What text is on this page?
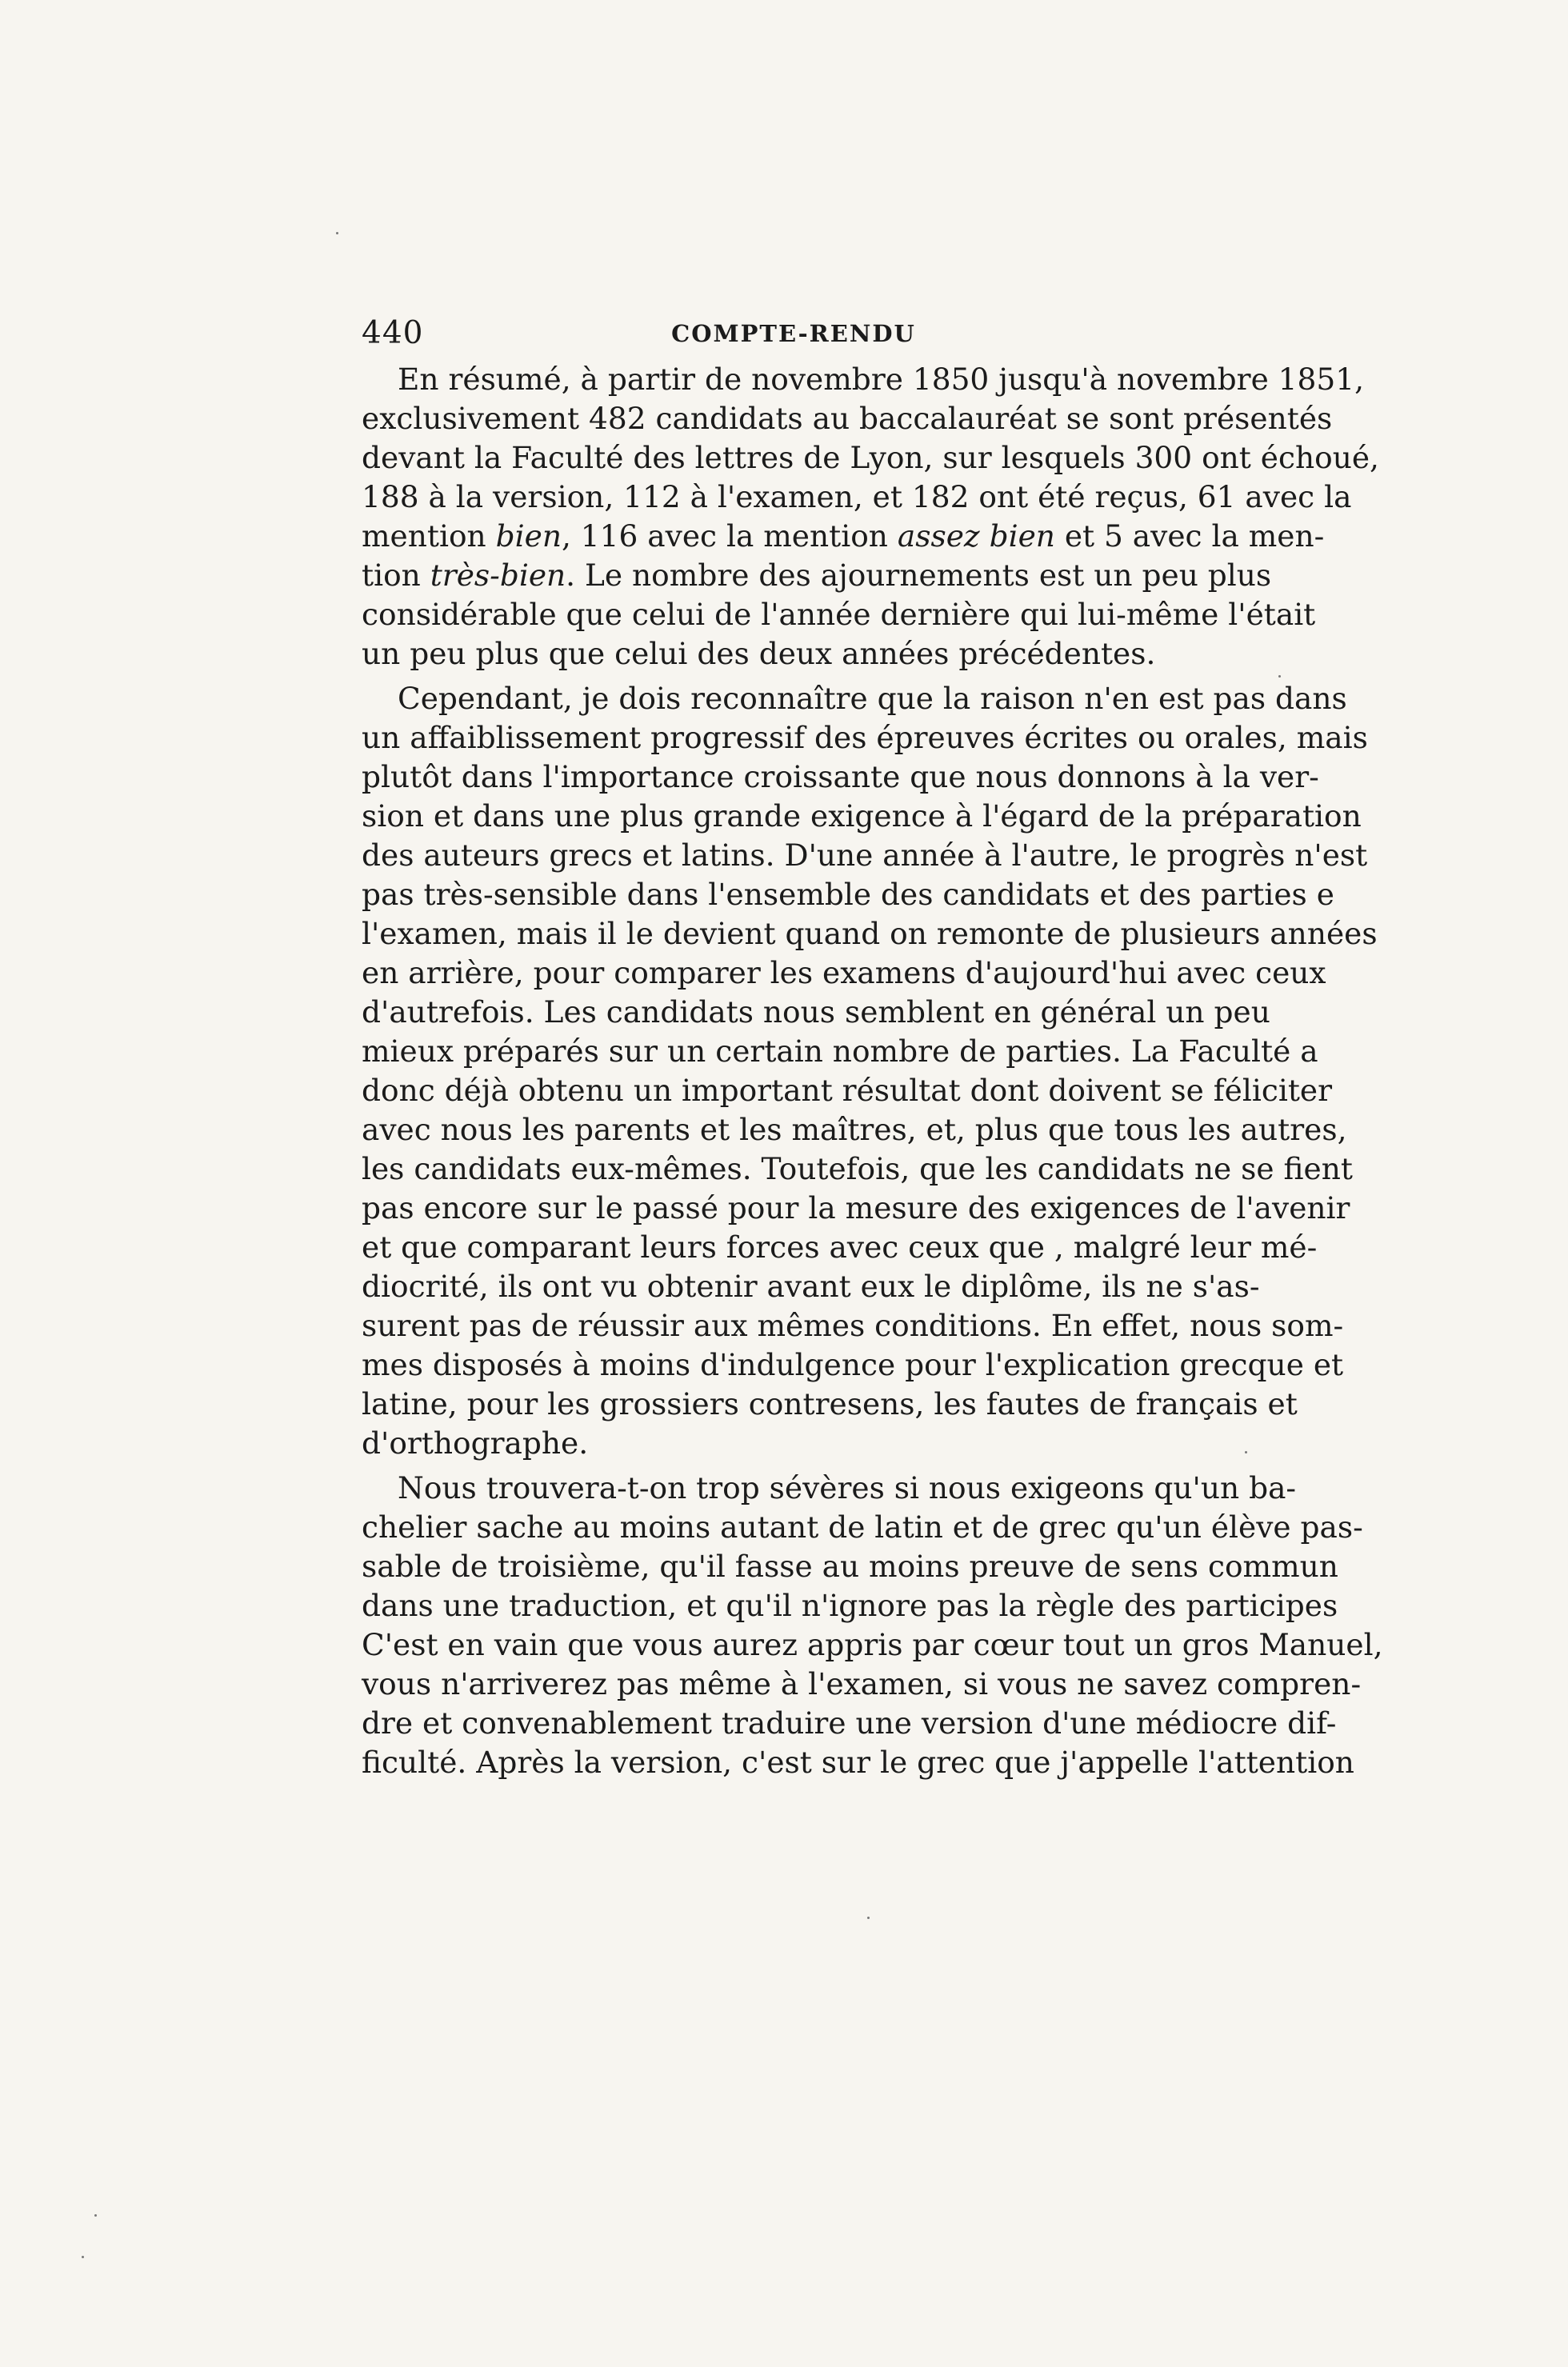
440	COMPTE-RENDU
En résumé, à partir de novembre 1850 jusqu'à novembre 1851,
exclusivement 482 candidats au baccalauréat se sont présentés
devant la Faculté des lettres de Lyon, sur lesquels 300 ont échoué,
188 à la version, 112 à l'examen, et 182 ont été reçus, 61 avec la
mention bien, 116 avec la mention assez bien et 5 avec la men-
tion très-bien. Le nombre des ajournements est un peu plus
considérable que celui de l'année dernière qui lui-même l'était
un peu plus que celui des deux années précédentes.
Cependant, je dois reconnaître que la raison n'en est pas dans
un affaiblissement progressif des épreuves écrites ou orales, mais
plutôt dans l'importance croissante que nous donnons à la ver-
sion et dans une plus grande exigence à l'égard de la préparation
des auteurs grecs et latins. D'une année à l'autre, le progrès n'est
pas très-sensible dans l'ensemble des candidats et des parties e
l'examen, mais il le devient quand on remonte de plusieurs années
en arrière, pour comparer les examens d'aujourd'hui avec ceux
d'autrefois. Les candidats nous semblent en général un peu
mieux préparés sur un certain nombre de parties. La Faculté a
donc déjà obtenu un important résultat dont doivent se féliciter
avec nous les parents et les maîtres, et, plus que tous les autres,
les candidats eux-mêmes. Toutefois, que les candidats ne se fient
pas encore sur le passé pour la mesure des exigences de l'avenir
et que comparant leurs forces avec ceux que , malgré leur mé-
diocrité, ils ont vu obtenir avant eux le diplôme, ils ne s'as-
surent pas de réussir aux mêmes conditions. En effet, nous som-
mes disposés à moins d'indulgence pour l'explication grecque et
latine, pour les grossiers contresens, les fautes de français et
d'orthographe.
Nous trouvera-t-on trop sévères si nous exigeons qu'un ba-
chelier sache au moins autant de latin et de grec qu'un élève pas-
sable de troisième, qu'il fasse au moins preuve de sens commun
dans une traduction, et qu'il n'ignore pas la règle des participes
C'est en vain que vous aurez appris par cœur tout un gros Manuel,
vous n'arriverez pas même à l'examen, si vous ne savez compren-
dre et convenablement traduire une version d'une médiocre dif-
ficulté. Après la version, c'est sur le grec que j'appelle l'attention
